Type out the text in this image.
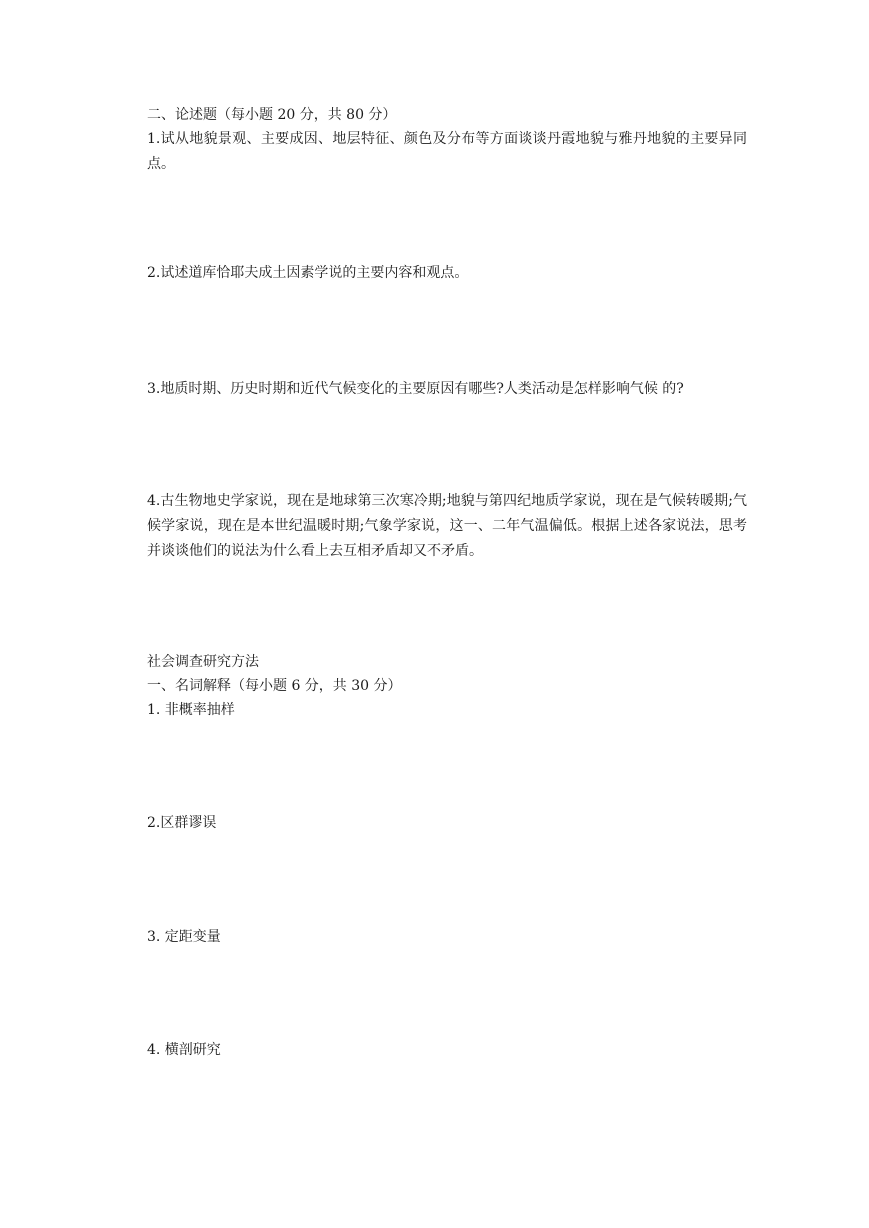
二、论述题（每小题 20 分，共 80 分）
1.试从地貌景观、主要成因、地层特征、颜色及分布等方面谈谈丹霞地貌与雅丹地貌的主要异同点。
2.试述道库恰耶夫成土因素学说的主要内容和观点。
3.地质时期、历史时期和近代气候变化的主要原因有哪些?人类活动是怎样影响气候 的?
4.古生物地史学家说，现在是地球第三次寒冷期;地貌与第四纪地质学家说，现在是气候转暖期;气候学家说，现在是本世纪温暖时期;气象学家说，这一、二年气温偏低。根据上述各家说法，思考并谈谈他们的说法为什么看上去互相矛盾却又不矛盾。
社会调查研究方法
一、名词解释（每小题 6 分，共 30 分）
1. 非概率抽样
2.区群谬误
3. 定距变量
4. 横剖研究
